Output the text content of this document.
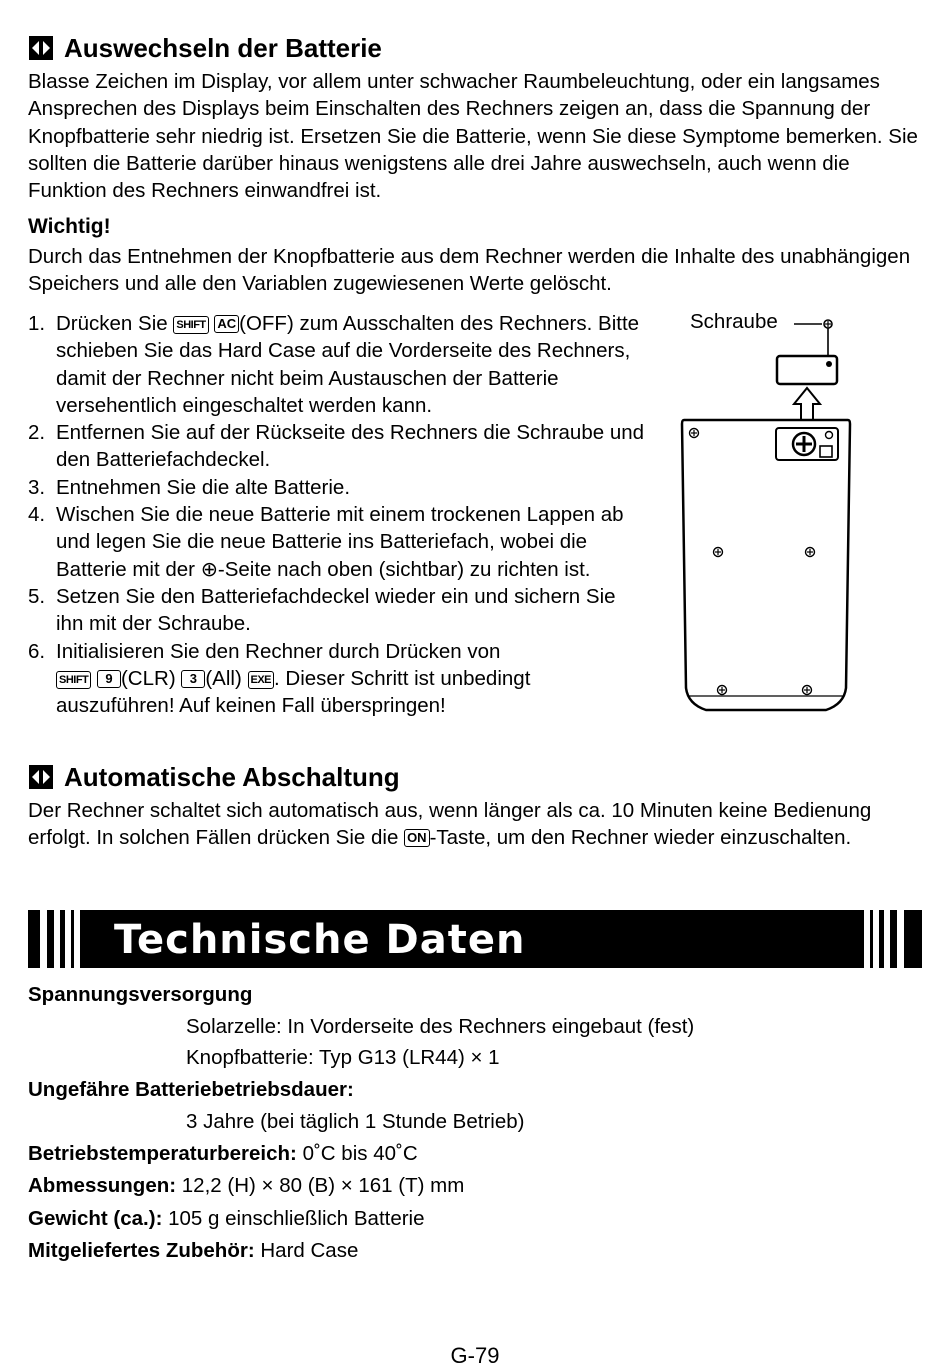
Auswechseln der Batterie

Blasse Zeichen im Display, vor allem unter schwacher Raumbeleuchtung, oder ein langsames Ansprechen des Displays beim Einschalten des Rechners zeigen an, dass die Spannung der Knopfbatterie sehr niedrig ist. Ersetzen Sie die Batterie, wenn Sie diese Symptome bemerken. Sie sollten die Batterie darüber hinaus wenigstens alle drei Jahre auswechseln, auch wenn die Funktion des Rechners einwandfrei ist.

Wichtig!

Durch das Entnehmen der Knopfbatterie aus dem Rechner werden die Inhalte des unabhängigen Speichers und alle den Variablen zugewiesenen Werte gelöscht.

1. Drücken Sie SHIFT AC (OFF) zum Ausschalten des Rechners. Bitte schieben Sie das Hard Case auf die Vorderseite des Rechners, damit der Rechner nicht beim Austauschen der Batterie versehentlich eingeschaltet werden kann.
2. Entfernen Sie auf der Rückseite des Rechners die Schraube und den Batteriefachdeckel.
3. Entnehmen Sie die alte Batterie.
4. Wischen Sie die neue Batterie mit einem trockenen Lappen ab und legen Sie die neue Batterie ins Batteriefach, wobei die Batterie mit der ⊕-Seite nach oben (sichtbar) zu richten ist.
5. Setzen Sie den Batteriefachdeckel wieder ein und sichern Sie ihn mit der Schraube.
6. Initialisieren Sie den Rechner durch Drücken von
SHIFT 9 (CLR) 3 (All) EXE . Dieser Schritt ist unbedingt auszuführen! Auf keinen Fall überspringen!
Schraube
Automatische Abschaltung

Der Rechner schaltet sich automatisch aus, wenn länger als ca. 10 Minuten keine Bedienung erfolgt. In solchen Fällen drücken Sie die ON -Taste, um den Rechner wieder einzuschalten.

Technische Daten
Spannungsversorgung
Solarzelle: In Vorderseite des Rechners eingebaut (fest)
Knopfbatterie: Typ G13 (LR44) × 1
Ungefähre Batteriebetriebsdauer:
3 Jahre (bei täglich 1 Stunde Betrieb)
Betriebstemperaturbereich: 0˚C bis 40˚C
Abmessungen: 12,2 (H) × 80 (B) × 161 (T) mm
Gewicht (ca.): 105 g einschließlich Batterie
Mitgeliefertes Zubehör: Hard Case
G-79
